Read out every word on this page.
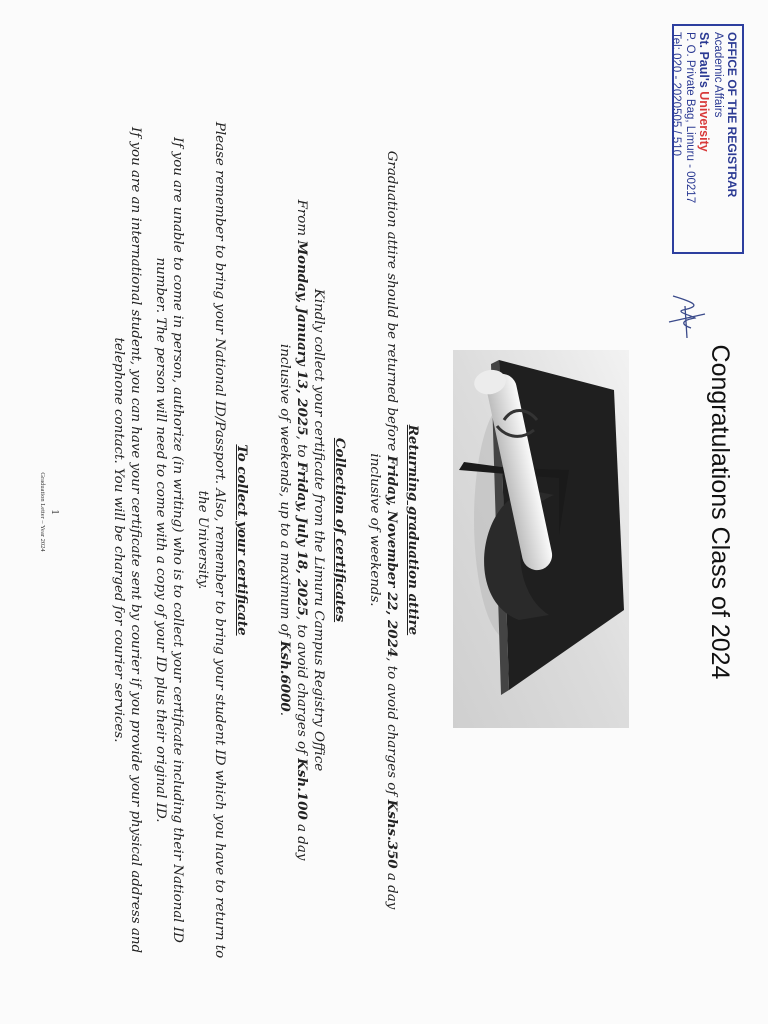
Congratulations Class of 2024
Returning graduation attire
Graduation attire should be returned before Friday, November 22, 2024, to avoid charges of Kshs.350 a day inclusive of weekends.
Collection of certificates
Kindly collect your certificate from the Limuru Campus Registry Office
From Monday, January 13, 2025, to Friday, July 18, 2025, to avoid charges of Ksh.100 a day inclusive of weekends, up to a maximum of Ksh.6000.
To collect your certificate
Please remember to bring your National ID/Passport. Also, remember to bring your student ID which you have to return to the University.
If you are unable to come in person, authorize (in writing) who is to collect your certificate including their National ID number. The person will need to come with a copy of your ID plus their original ID.
If you are an international student, you can have your certificate sent by courier if you provide your physical address and telephone contact. You will be charged for courier services.
OFFICE OF THE REGISTRAR
Academic Affairs
St. Paul's University
P. O. Private Bag, Limuru - 00217
Tel: 020 - 2020505 / 510
1
Graduation Letter – Year 2024
